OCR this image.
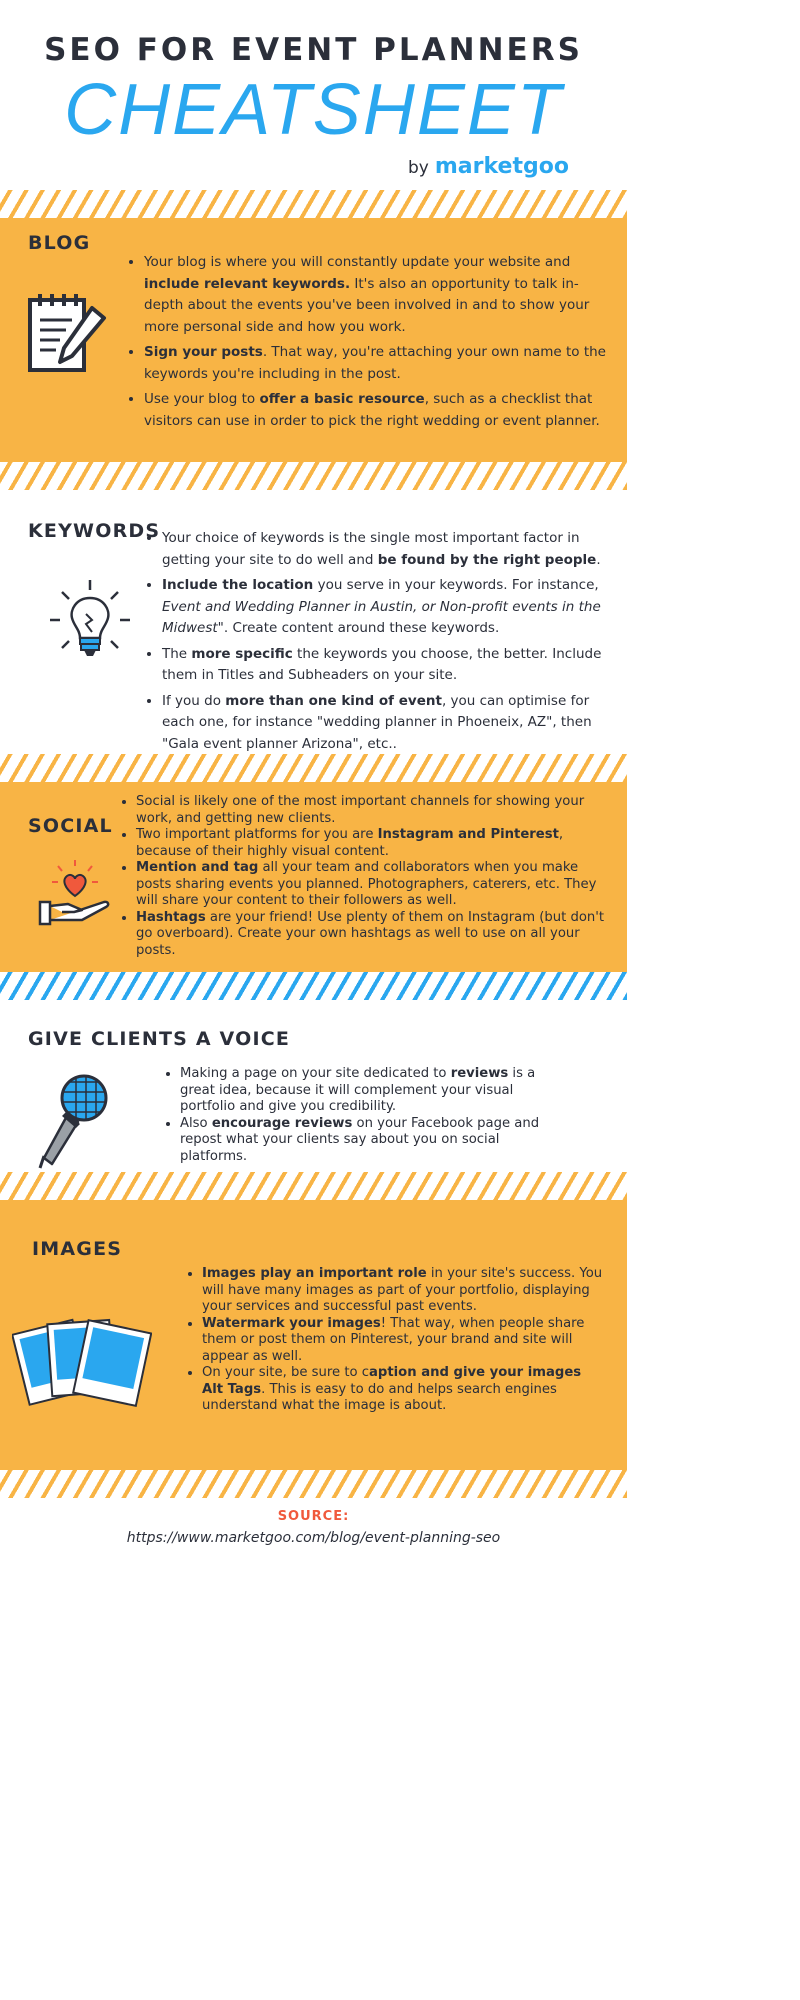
SEO FOR EVENT PLANNERS
CHEATSHEET
by marketgoo
BLOG
• Your blog is where you will constantly update your website and include relevant keywords. It's also an opportunity to talk in-depth about the events you've been involved in and to show your more personal side and how you work.
• Sign your posts. That way, you're attaching your own name to the keywords you're including in the post.
• Use your blog to offer a basic resource, such as a checklist that visitors can use in order to pick the right wedding or event planner.
KEYWORDS
• Your choice of keywords is the single most important factor in getting your site to do well and be found by the right people.
• Include the location you serve in your keywords. For instance, Event and Wedding Planner in Austin, or Non-profit events in the Midwest". Create content around these keywords.
• The more specific the keywords you choose, the better. Include them in Titles and Subheaders on your site.
• If you do more than one kind of event, you can optimise for each one, for instance "wedding planner in Phoeneix, AZ", then "Gala event planner Arizona", etc..
SOCIAL
• Social is likely one of the most important channels for showing your work, and getting new clients.
• Two important platforms for you are Instagram and Pinterest, because of their highly visual content.
• Mention and tag all your team and collaborators when you make posts sharing events you planned. Photographers, caterers, etc. They will share your content to their followers as well.
• Hashtags are your friend! Use plenty of them on Instagram (but don't go overboard). Create your own hashtags as well to use on all your posts.
GIVE CLIENTS A VOICE
• Making a page on your site dedicated to reviews is a great idea, because it will complement your visual portfolio and give you credibility.
• Also encourage reviews on your Facebook page and repost what your clients say about you on social platforms.
IMAGES
• Images play an important role in your site's success. You will have many images as part of your portfolio, displaying your services and successful past events.
• Watermark your images! That way, when people share them or post them on Pinterest, your brand and site will appear as well.
• On your site, be sure to caption and give your images Alt Tags. This is easy to do and helps search engines understand what the image is about.
SOURCE:
https://www.marketgoo.com/blog/event-planning-seo
